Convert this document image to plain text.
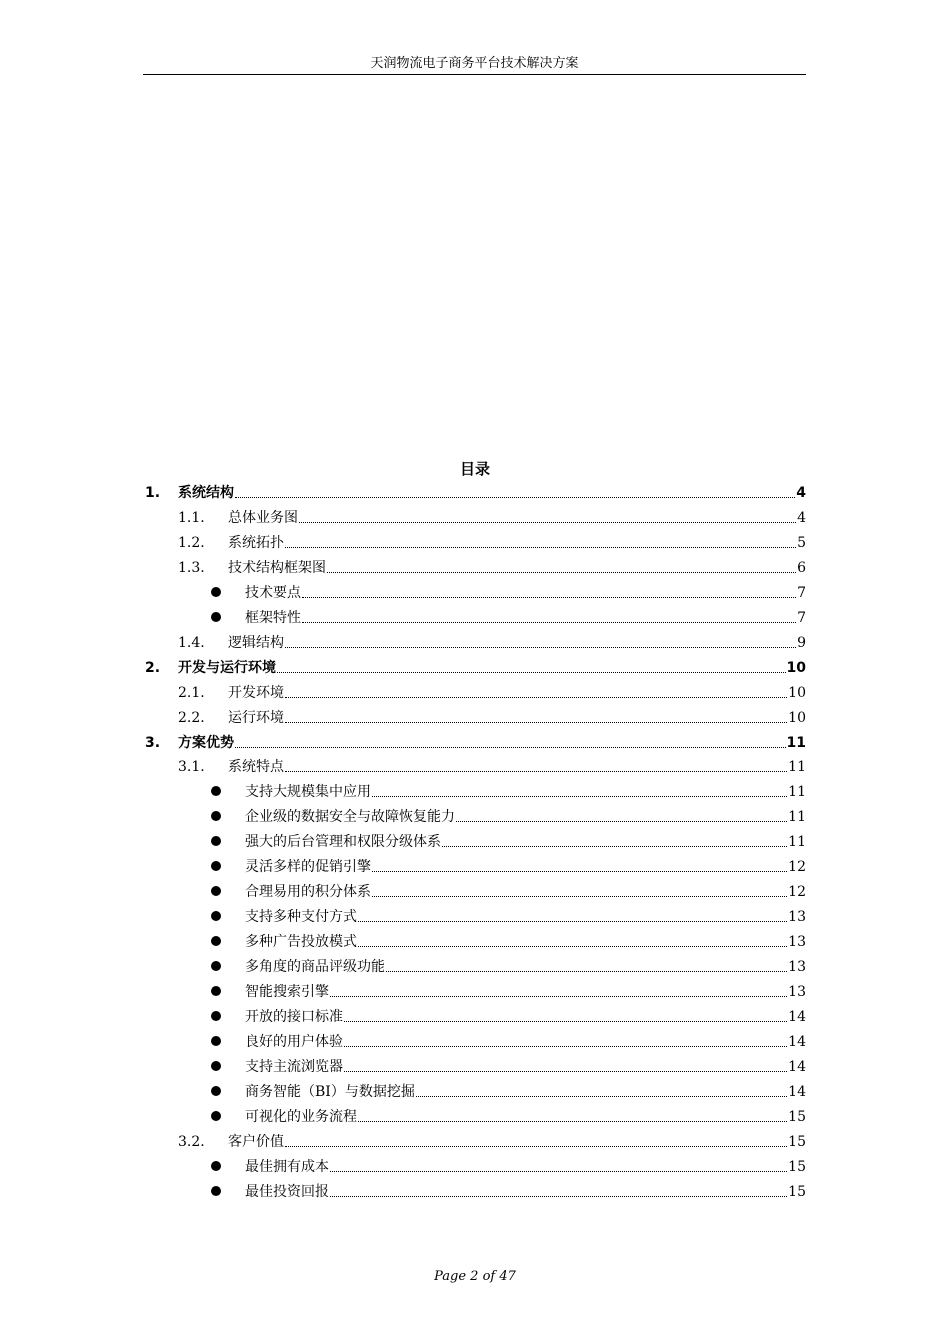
天润物流电子商务平台技术解决方案
目录
1. 系统结构	4
1.1. 总体业务图	4
1.2. 系统拓扑	5
1.3. 技术结构框架图	6
技术要点	7
框架特性	7
1.4. 逻辑结构	9
2. 开发与运行环境	10
2.1. 开发环境	10
2.2. 运行环境	10
3. 方案优势	11
3.1. 系统特点	11
支持大规模集中应用	11
企业级的数据安全与故障恢复能力	11
强大的后台管理和权限分级体系	11
灵活多样的促销引擎	12
合理易用的积分体系	12
支持多种支付方式	13
多种广告投放模式	13
多角度的商品评级功能	13
智能搜索引擎	13
开放的接口标准	14
良好的用户体验	14
支持主流浏览器	14
商务智能（BI）与数据挖掘	14
可视化的业务流程	15
3.2. 客户价值	15
最佳拥有成本	15
最佳投资回报	15
Page 2 of 47
